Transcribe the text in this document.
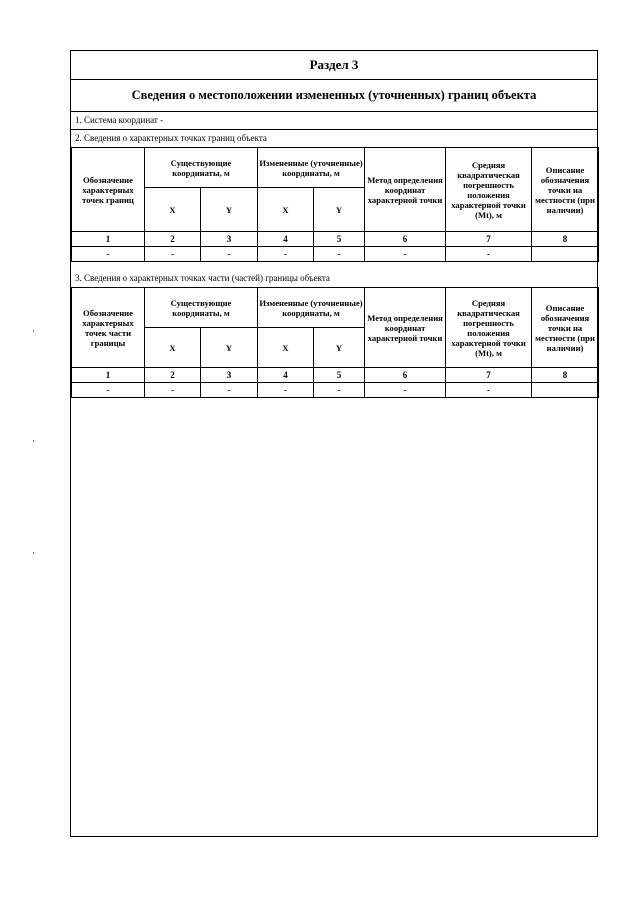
·
·
·
Раздел 3
Сведения о местоположении измененных (уточненных) границ объекта
1. Система координат -
2. Сведения о характерных точках границ объекта
Обозначение характерных точек границ	Существующие координаты, м		Измененные (уточненные) координаты, м		Метод определения координат характерной точки	Средняя квадратическая погрешность положения характерной точки (Mt), м	Описание обозначения точки на местности (при наличии)
	X	Y	X	Y			
1	2	3	4	5	6	7	8
-	-	-	-	-	-	-	
3. Сведения о характерных точках части (частей) границы объекта
Обозначение характерных точек части границы	Существующие координаты, м		Измененные (уточненные) координаты, м		Метод определения координат характерной точки	Средняя квадратическая погрешность положения характерной точки (Mt), м	Описание обозначения точки на местности (при наличии)
	X	Y	X	Y			
1	2	3	4	5	6	7	8
-	-	-	-	-	-	-	
